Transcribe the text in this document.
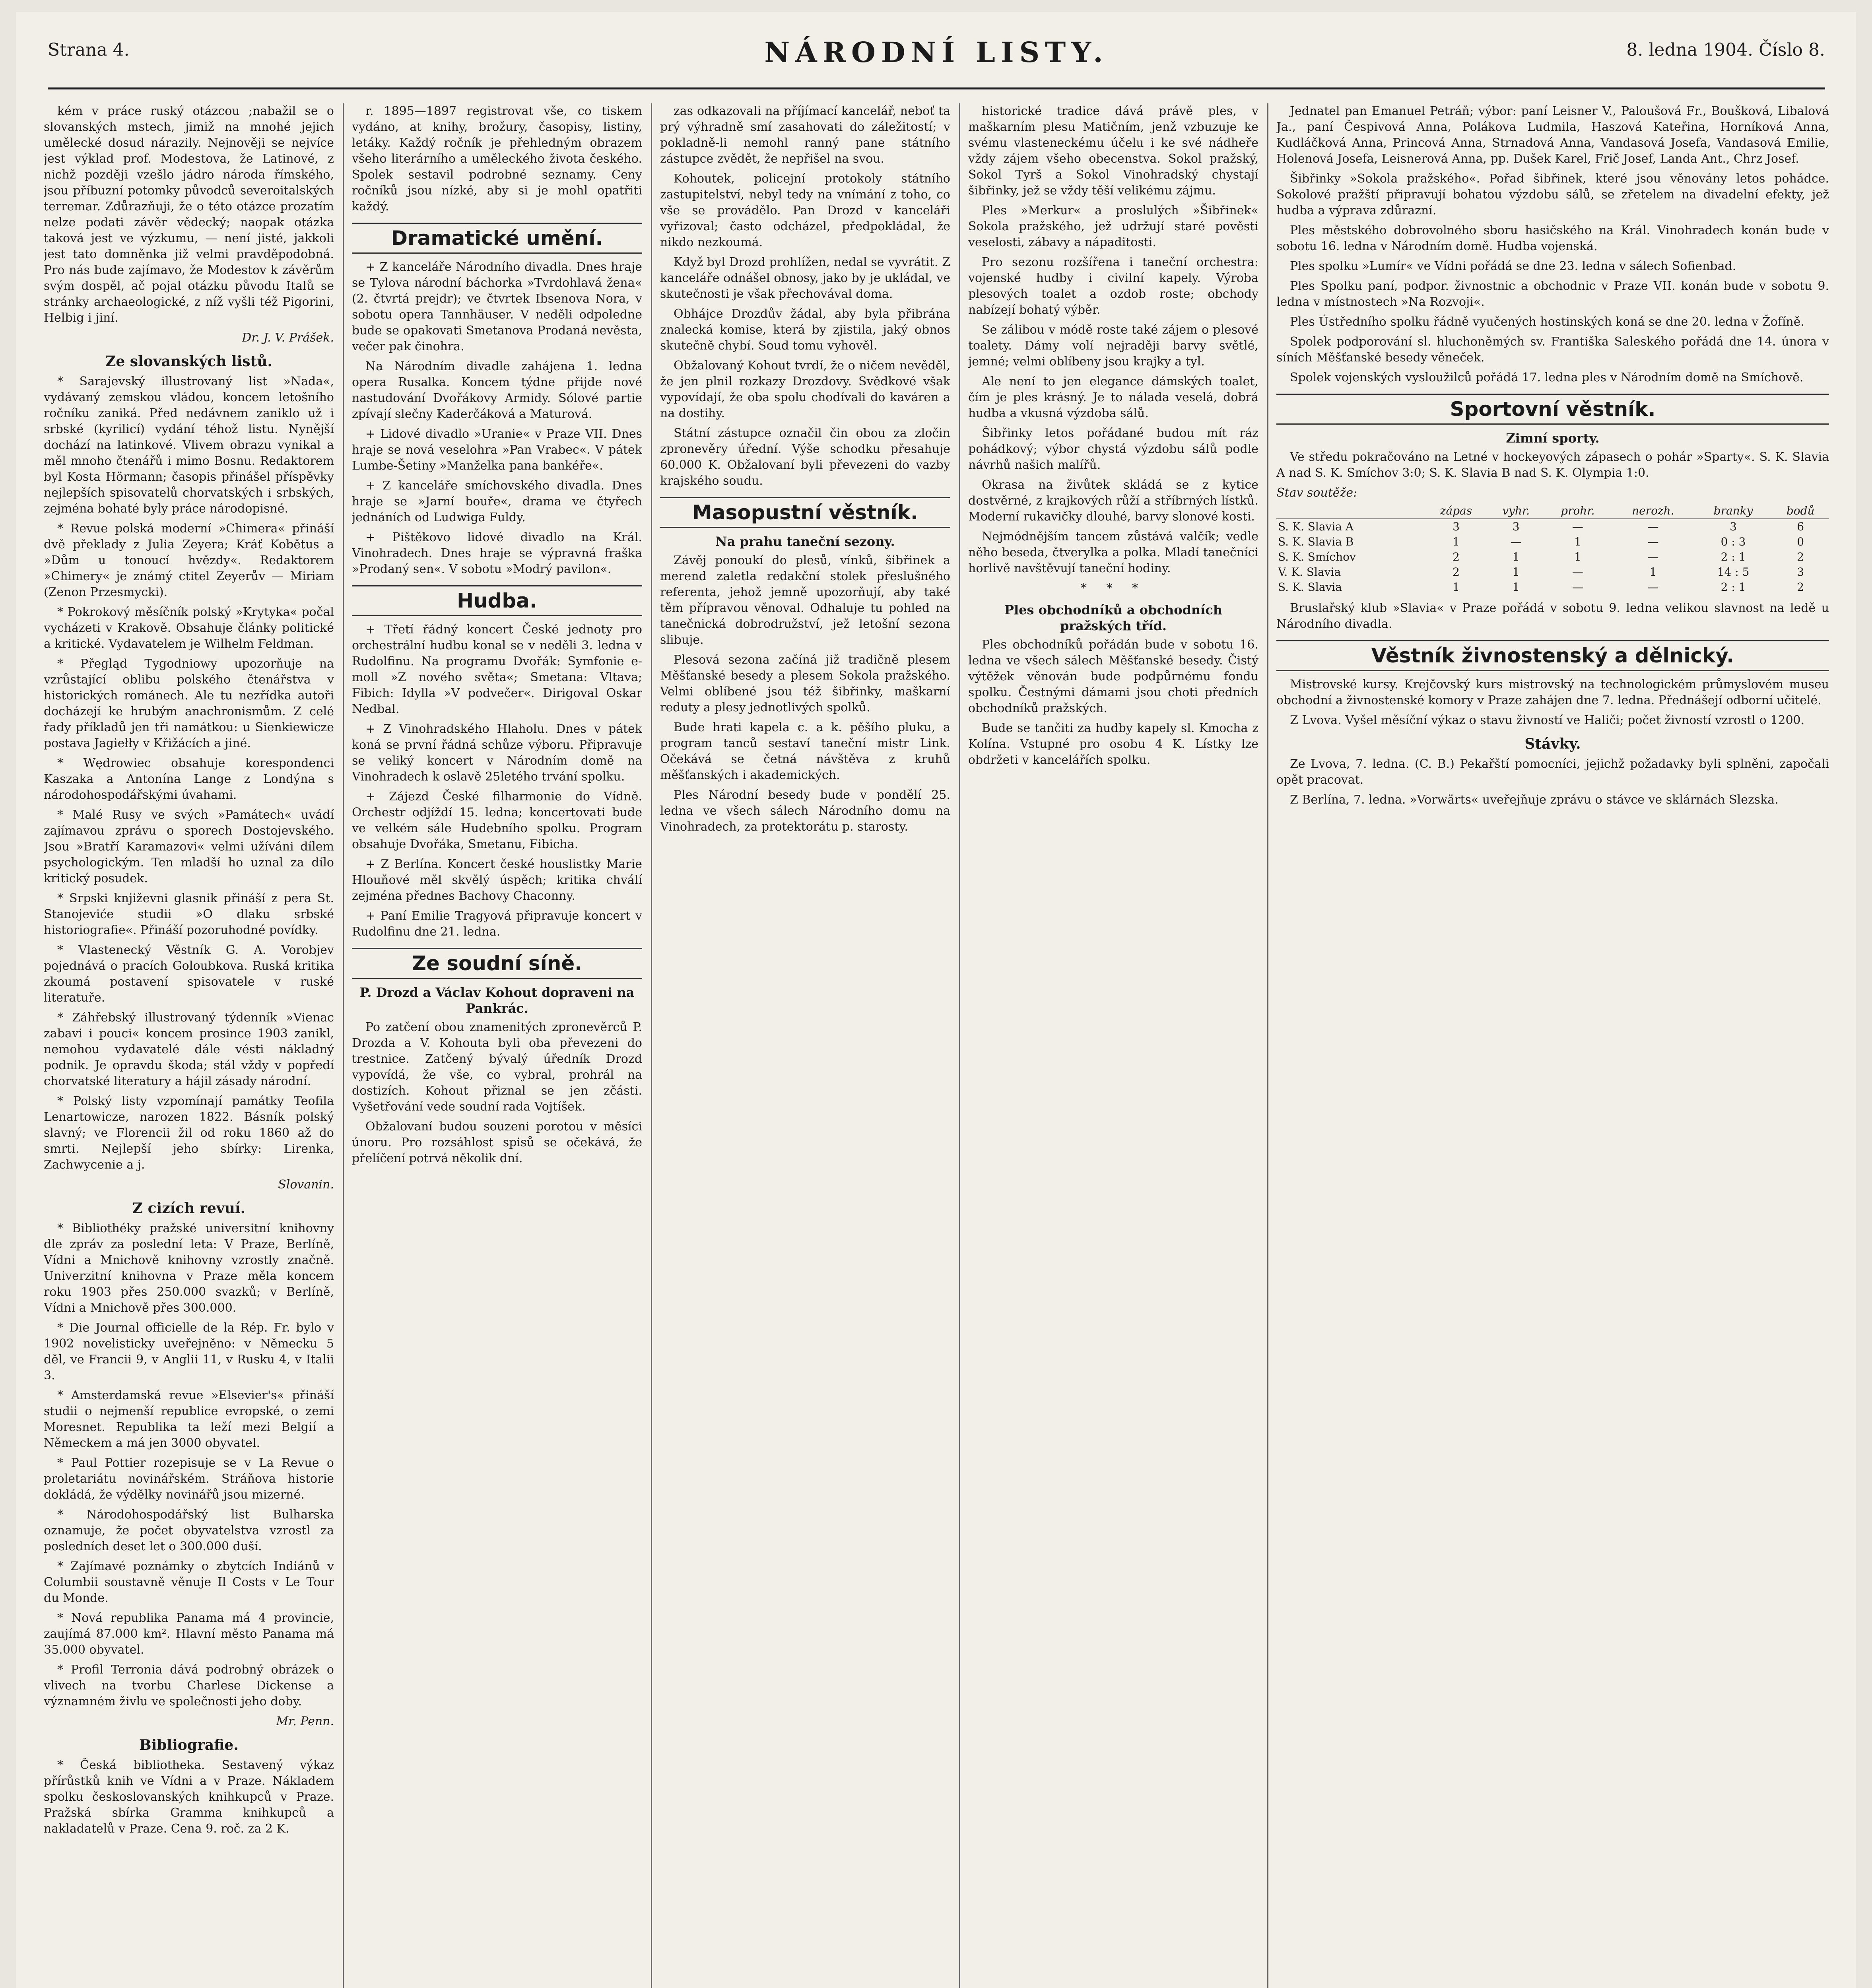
Strana 4.	NÁRODNÍ LISTY.	8. ledna 1904. Číslo 8.

kém v práce ruský otázcou ;nabažil se o slovanských mstech, jimiž na mnohé jejich umělecké dosud nárazily. Nejnověji se nejvíce jest výklad prof. Modestova, že Latinové, z nichž později vzešlo jádro národa římského, jsou příbuzní potomky původců severoitalských terremar. Zdůrazňuji, že o této otázce prozatím nelze podati závěr vědecký; naopak otázka taková jest ve výzkumu, — není jisté, jakkoli jest tato domněnka již velmi pravděpodobná. Pro nás bude zajímavo, že Modestov k závěrům svým dospěl, ač pojal otázku původu Italů se stránky archaeologické, z níž vyšli též Pigorini, Helbig i jiní.

Dr. J. V. Prášek.
Ze slovanských listů.

* Sarajevský illustrovaný list »Nada«, vydávaný zemskou vládou, koncem letošního ročníku zaniká. Před nedávnem zaniklo už i srbské (kyrilicí) vydání téhož listu. Nynější dochází na latinkové. Vlivem obrazu vynikal a měl mnoho čtenářů i mimo Bosnu. Redaktorem byl Kosta Hörmann; časopis přinášel příspěvky nejlepších spisovatelů chorvatských i srbských, zejména bohaté byly práce národopisné.

* Revue polská moderní »Chimera« přináší dvě překlady z Julia Zeyera; Kráť Kobětus a »Dům u tonoucí hvězdy«. Redaktorem »Chimery« je známý ctitel Zeyerův — Miriam (Zenon Przesmycki).

* Pokrokový měsíčník polský »Krytyka« počal vycházeti v Krakově. Obsahuje články politické a kritické. Vydavatelem je Wilhelm Feldman.

* Přegląd Tygodniowy upozorňuje na vzrůstající oblibu polského čtenářstva v historických románech. Ale tu nezřídka autoři docházejí ke hrubým anachronismům. Z celé řady příkladů jen tři namátkou: u Sienkiewicze postava Jagiełły v Křižácích a jiné.

* Wędrowiec obsahuje korespondenci Kaszaka a Antonína Lange z Londýna s národohospodářskými úvahami.

* Malé Rusy ve svých »Památech« uvádí zajímavou zprávu o sporech Dostojevského. Jsou »Bratří Karamazovi« velmi užíváni dílem psychologickým. Ten mladší ho uznal za dílo kritický posudek.

* Srpski književni glasnik přináší z pera St. Stanojeviće studii »O dlaku srbské historiografie«. Přináší pozoruhodné povídky.

* Vlastenecký Věstník G. A. Vorobjev pojednává o pracích Goloubkova. Ruská kritika zkoumá postavení spisovatele v ruské literatuře.

* Záhřebský illustrovaný týdenník »Vienac zabavi i pouci« koncem prosince 1903 zanikl, nemohou vydavatelé dále vésti nákladný podnik. Je opravdu škoda; stál vždy v popředí chorvatské literatury a hájil zásady národní.

* Polský listy vzpomínají památky Teofila Lenartowicze, narozen 1822. Básník polský slavný; ve Florencii žil od roku 1860 až do smrti. Nejlepší jeho sbírky: Lirenka, Zachwycenie a j.

Slovanin.
Z cizích revuí.

* Bibliothéky pražské universitní knihovny dle zpráv za poslední leta: V Praze, Berlíně, Vídni a Mnichově knihovny vzrostly značně. Univerzitní knihovna v Praze měla koncem roku 1903 přes 250.000 svazků; v Berlíně, Vídni a Mnichově přes 300.000.

* Die Journal officielle de la Rép. Fr. bylo v 1902 novelisticky uveřejněno: v Německu 5 děl, ve Francii 9, v Anglii 11, v Rusku 4, v Italii 3.

* Amsterdamská revue »Elsevier's« přináší studii o nejmenší republice evropské, o zemi Moresnet. Republika ta leží mezi Belgií a Německem a má jen 3000 obyvatel.

* Paul Pottier rozepisuje se v La Revue o proletariátu novinářském. Stráňova historie dokládá, že výdělky novinářů jsou mizerné.

* Národohospodářský list Bulharska oznamuje, že počet obyvatelstva vzrostl za posledních deset let o 300.000 duší.

* Zajímavé poznámky o zbytcích Indiánů v Columbii soustavně věnuje Il Costs v Le Tour du Monde.

* Nová republika Panama má 4 provincie, zaujímá 87.000 km². Hlavní město Panama má 35.000 obyvatel.

* Profil Terronia dává podrobný obrázek o vlivech na tvorbu Charlese Dickense a významném živlu ve společnosti jeho doby.

Mr. Penn.
Bibliografie.

* Česká bibliotheka. Sestavený výkaz přírůstků knih ve Vídni a v Praze. Nákladem spolku českoslovanských knihkupců v Praze. Pražská sbírka Gramma knihkupců a nakladatelů v Praze. Cena 9. roč. za 2 K.

r. 1895—1897 registrovat vše, co tiskem vydáno, at knihy, brožury, časopisy, listiny, letáky. Každý ročník je přehledným obrazem všeho literárního a uměleckého života českého. Spolek sestavil podrobné seznamy. Ceny ročníků jsou nízké, aby si je mohl opatřiti každý.

Dramatické umění.

+ Z kanceláře Národního divadla. Dnes hraje se Tylova národní báchorka »Tvrdohlavá žena« (2. čtvrtá prejdr); ve čtvrtek Ibsenova Nora, v sobotu opera Tannhäuser. V neděli odpoledne bude se opakovati Smetanova Prodaná nevěsta, večer pak činohra.

Na Národním divadle zahájena 1. ledna opera Rusalka. Koncem týdne přijde nové nastudování Dvořákovy Armidy. Sólové partie zpívají slečny Kaderčáková a Maturová.

+ Lidové divadlo »Uranie« v Praze VII. Dnes hraje se nová veselohra »Pan Vrabec«. V pátek Lumbe-Šetiny »Manželka pana bankéře«.

+ Z kanceláře smíchovského divadla. Dnes hraje se »Jarní bouře«, drama ve čtyřech jednáních od Ludwiga Fuldy.

+ Pištěkovo lidové divadlo na Král. Vinohradech. Dnes hraje se výpravná fraška »Prodaný sen«. V sobotu »Modrý pavilon«.

Hudba.

+ Třetí řádný koncert České jednoty pro orchestrální hudbu konal se v neděli 3. ledna v Rudolfinu. Na programu Dvořák: Symfonie e-moll »Z nového světa«; Smetana: Vltava; Fibich: Idylla »V podvečer«. Dirigoval Oskar Nedbal.

+ Z Vinohradského Hlaholu. Dnes v pátek koná se první řádná schůze výboru. Připravuje se veliký koncert v Národním domě na Vinohradech k oslavě 25letého trvání spolku.

+ Zájezd České filharmonie do Vídně. Orchestr odjíždí 15. ledna; koncertovati bude ve velkém sále Hudebního spolku. Program obsahuje Dvořáka, Smetanu, Fibicha.

+ Z Berlína. Koncert české houslistky Marie Hlouňové měl skvělý úspěch; kritika chválí zejména přednes Bachovy Chaconny.

+ Paní Emilie Tragyová připravuje koncert v Rudolfinu dne 21. ledna.

Ze soudní síně.
P. Drozd a Václav Kohout dopraveni na Pankrác.

Po zatčení obou znamenitých zpronevěrců P. Drozda a V. Kohouta byli oba převezeni do trestnice. Zatčený bývalý úředník Drozd vypovídá, že vše, co vybral, prohrál na dostizích. Kohout přiznal se jen zčásti. Vyšetřování vede soudní rada Vojtíšek.

Obžalovaní budou souzeni porotou v měsíci únoru. Pro rozsáhlost spisů se očekává, že přelíčení potrvá několik dní.

zas odkazovali na příjímací kancelář, neboť ta prý výhradně smí zasahovati do záležitostí; v pokladně-li nemohl ranný pane státního zástupce zvědět, že nepřišel na svou.

Kohoutek, policejní protokoly státního zastupitelství, nebyl tedy na vnímání z toho, co vše se provádělo. Pan Drozd v kanceláři vyřizoval; často odcházel, předpokládal, že nikdo nezkoumá.

Když byl Drozd prohlížen, nedal se vyvrátit. Z kanceláře odnášel obnosy, jako by je ukládal, ve skutečnosti je však přechovával doma.

Obhájce Drozdův žádal, aby byla přibrána znalecká komise, která by zjistila, jaký obnos skutečně chybí. Soud tomu vyhověl.

Obžalovaný Kohout tvrdí, že o ničem nevěděl, že jen plnil rozkazy Drozdovy. Svědkové však vypovídají, že oba spolu chodívali do kaváren a na dostihy.

Státní zástupce označil čin obou za zločin zpronevěry úřední. Výše schodku přesahuje 60.000 K. Obžalovaní byli převezeni do vazby krajského soudu.

Masopustní věstník.
Na prahu taneční sezony.

Závěj ponoukí do plesů, vínků, šibřinek a merend zaletla redakční stolek přeslušného referenta, jehož jemně upozorňují, aby také těm přípravou věnoval. Odhaluje tu pohled na tanečnická dobrodružství, jež letošní sezona slibuje.

Plesová sezona začíná již tradičně plesem Měšťanské besedy a plesem Sokola pražského. Velmi oblíbené jsou též šibřinky, maškarní reduty a plesy jednotlivých spolků.

Bude hrati kapela c. a k. pěšího pluku, a program tanců sestaví taneční mistr Link. Očekává se četná návštěva z kruhů měšťanských i akademických.

Ples Národní besedy bude v pondělí 25. ledna ve všech sálech Národního domu na Vinohradech, za protektorátu p. starosty.

historické tradice dává právě ples, v maškarním plesu Matičním, jenž vzbuzuje ke svému vlasteneckému účelu i ke své nádheře vždy zájem všeho obecenstva. Sokol pražský, Sokol Tyrš a Sokol Vinohradský chystají šibřinky, jež se vždy těší velikému zájmu.

Ples »Merkur« a proslulých »Šibřinek« Sokola pražského, jež udržují staré pověsti veselosti, zábavy a nápaditosti.

Pro sezonu rozšířena i taneční orchestra: vojenské hudby i civilní kapely. Výroba plesových toalet a ozdob roste; obchody nabízejí bohatý výběr.

Se zálibou v módě roste také zájem o plesové toalety. Dámy volí nejraději barvy světlé, jemné; velmi oblíbeny jsou krajky a tyl.

Ale není to jen elegance dámských toalet, čím je ples krásný. Je to nálada veselá, dobrá hudba a vkusná výzdoba sálů.

Šibřinky letos pořádané budou mít ráz pohádkový; výbor chystá výzdobu sálů podle návrhů našich malířů.

Okrasa na živůtek skládá se z kytice dostvěrné, z krajkových růží a stříbrných lístků. Moderní rukavičky dlouhé, barvy slonové kosti.

Nejmódnějším tancem zůstává valčík; vedle něho beseda, čtverylka a polka. Mladí tanečníci horlivě navštěvují taneční hodiny.

* * *
Ples obchodníků a obchodních pražských tříd.

Ples obchodníků pořádán bude v sobotu 16. ledna ve všech sálech Měšťanské besedy. Čistý výtěžek věnován bude podpůrnému fondu spolku. Čestnými dámami jsou choti předních obchodníků pražských.

Bude se tančiti za hudby kapely sl. Kmocha z Kolína. Vstupné pro osobu 4 K. Lístky lze obdržeti v kancelářích spolku.

Jednatel pan Emanuel Petráň; výbor: paní Leisner V., Paloušová Fr., Boušková, Libalová Ja., paní Čespivová Anna, Polákova Ludmila, Haszová Kateřina, Horníková Anna, Kudláčková Anna, Princová Anna, Strnadová Anna, Vandasová Josefa, Vandasová Emilie, Holenová Josefa, Leisnerová Anna, pp. Dušek Karel, Frič Josef, Landa Ant., Chrz Josef.

Šibřinky »Sokola pražského«. Pořad šibřinek, které jsou věnovány letos pohádce. Sokolové pražští připravují bohatou výzdobu sálů, se zřetelem na divadelní efekty, jež hudba a výprava zdůrazní.

Ples městského dobrovolného sboru hasičského na Král. Vinohradech konán bude v sobotu 16. ledna v Národním domě. Hudba vojenská.

Ples spolku »Lumír« ve Vídni pořádá se dne 23. ledna v sálech Sofienbad.

Ples Spolku paní, podpor. živnostnic a obchodnic v Praze VII. konán bude v sobotu 9. ledna v místnostech »Na Rozvoji«.

Ples Ústředního spolku řádně vyučených hostinských koná se dne 20. ledna v Žofíně.

Spolek podporování sl. hluchoněmých sv. Františka Saleského pořádá dne 14. února v síních Měšťanské besedy věneček.

Spolek vojenských vysloužilců pořádá 17. ledna ples v Národním domě na Smíchově.

Sportovní věstník.
Zimní sporty.

Ve středu pokračováno na Letné v hockeyových zápasech o pohár »Sparty«. S. K. Slavia A nad S. K. Smíchov 3:0; S. K. Slavia B nad S. K. Olympia 1:0.

Stav soutěže:
	zápas	vyhr.	prohr.	nerozh.	branky	bodů
S. K. Slavia A	3	3	—	—	3	6
S. K. Slavia B	1	—	1	—	0 : 3	0
S. K. Smíchov	2	1	1	—	2 : 1	2
V. K. Slavia	2	1	—	1	14 : 5	3
S. K. Slavia	1	1	—	—	2 : 1	2

Bruslařský klub »Slavia« v Praze pořádá v sobotu 9. ledna velikou slavnost na ledě u Národního divadla.

Věstník živnostenský a dělnický.

Mistrovské kursy. Krejčovský kurs mistrovský na technologickém průmyslovém museu obchodní a živnostenské komory v Praze zahájen dne 7. ledna. Přednášejí odborní učitelé.

Z Lvova. Vyšel měsíční výkaz o stavu živností ve Haliči; počet živností vzrostl o 1200.

Stávky.

Ze Lvova, 7. ledna. (C. B.) Pekařští pomocníci, jejichž požadavky byli splněni, započali opět pracovat.

Z Berlína, 7. ledna. »Vorwärts« uveřejňuje zprávu o stávce ve sklárnách Slezska.
